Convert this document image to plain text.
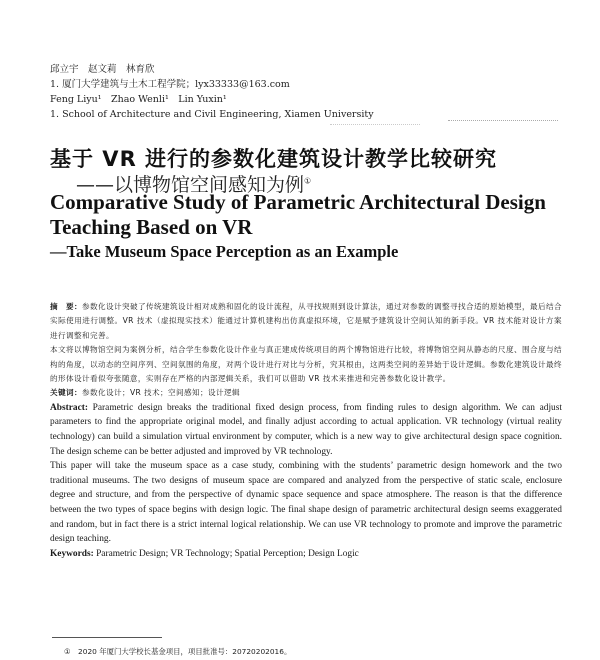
邱立宇　赵文莉　林育欣
1. 厦门大学建筑与土木工程学院；lyx33333@163.com
Feng Liyu¹　Zhao Wenli¹　Lin Yuxin¹
1. School of Architecture and Civil Engineering, Xiamen University
基于 VR 进行的参数化建筑设计教学比较研究
——以博物馆空间感知为例①
Comparative Study of Parametric Architectural Design Teaching Based on VR
—Take Museum Space Perception as an Example

摘　要：参数化设计突破了传统建筑设计相对成熟和固化的设计流程，从寻找规则到设计算法，通过对参数的调整寻找合适的原始模型，最后结合实际使用进行调整。VR 技术（虚拟现实技术）能通过计算机建构出仿真虚拟环境，它是赋予建筑设计空间认知的新手段。VR 技术能对设计方案进行调整和完善。

本文将以博物馆空间为案例分析，结合学生参数化设计作业与真正建成传统项目的两个博物馆进行比较，将博物馆空间从静态的尺度、围合度与结构的角度，以动态的空间序列、空间氛围的角度，对两个设计进行对比与分析，究其根由，这两类空间的差异始于设计逻辑。参数化建筑设计最终的形体设计看似夸张随意，实则存在严格的内部逻辑关系，我们可以借助 VR 技术来推进和完善参数化设计教学。

关键词：参数化设计；VR 技术；空间感知；设计逻辑

Abstract: Parametric design breaks the traditional fixed design process, from finding rules to design algorithm. We can adjust parameters to find the appropriate original model, and finally adjust according to actual application. VR technology (virtual reality technology) can build a simulation virtual environment by computer, which is a new way to give architectural design space cognition. The design scheme can be better adjusted and improved by VR technology.

This paper will take the museum space as a case study, combining with the students’ parametric design homework and the two traditional museums. The two designs of museum space are compared and analyzed from the perspective of static scale, enclosure degree and structure, and from the perspective of dynamic space sequence and space atmosphere. The reason is that the difference between the two types of space begins with design logic. The final shape design of parametric architectural design seems exaggerated and random, but in fact there is a strict internal logical relationship. We can use VR technology to promote and improve the parametric design teaching.

Keywords: Parametric Design; VR Technology; Spatial Perception; Design Logic

①　 2020 年厦门大学校长基金项目，项目批准号：20720202016。
